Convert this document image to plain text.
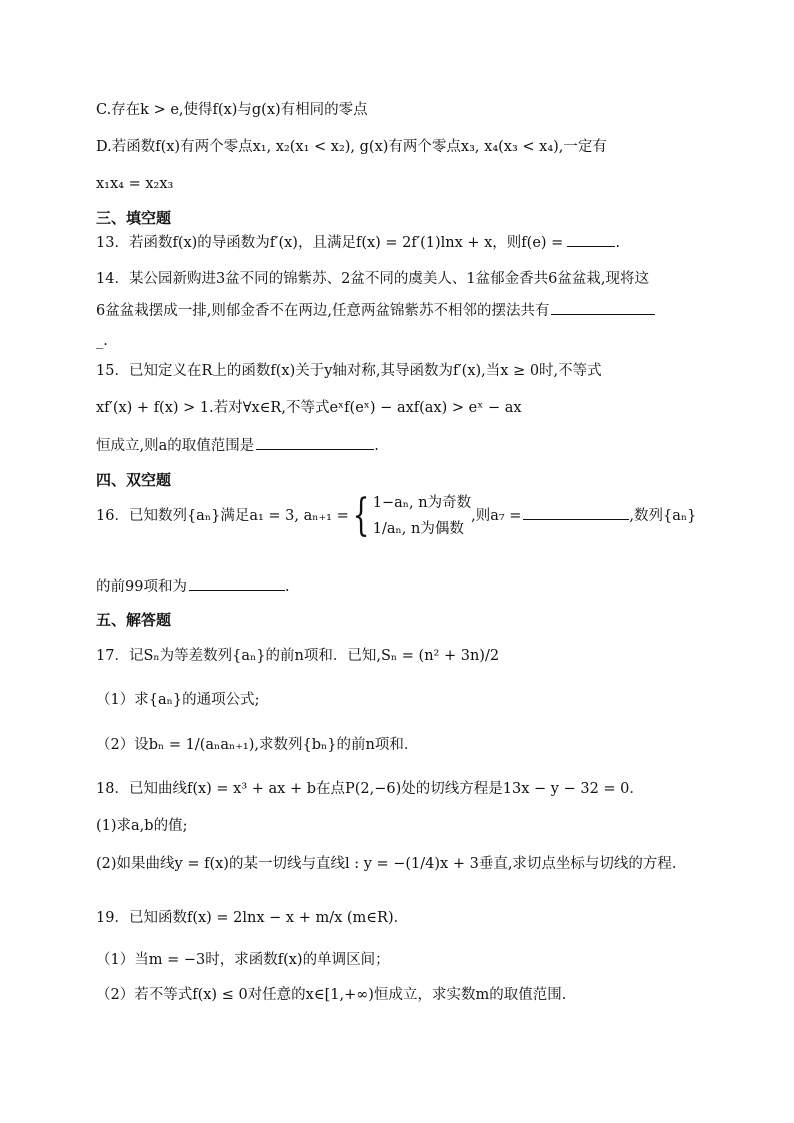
C.存在k > e,使得f(x)与g(x)有相同的零点
D.若函数f(x)有两个零点x₁, x₂(x₁ < x₂), g(x)有两个零点x₃, x₄(x₃ < x₄),一定有
x₁x₄ = x₂x₃
三、填空题
13．若函数f(x)的导函数为f′(x)，且满足f(x) = 2f′(1)lnx + x，则f(e) =	.
14．某公园新购进3盆不同的锦紫苏、2盆不同的虞美人、1盆郁金香共6盆盆栽,现将这
6盆盆栽摆成一排,则郁金香不在两边,任意两盆锦紫苏不相邻的摆法共有
_.
15．已知定义在R上的函数f(x)关于y轴对称,其导函数为f′(x),当x ≥ 0时,不等式
xf′(x) + f(x) > 1.若对∀x∈R,不等式eˣf(eˣ) − axf(ax) > eˣ − ax
恒成立,则a的取值范围是	.
四、双空题
16．已知数列{aₙ}满足a₁ = 3, aₙ₊₁ ={ 1−aₙ, n为奇数
1/aₙ, n为偶数
,则a₇ =	,数列{aₙ}
的前99项和为	.
五、解答题
17．记Sₙ为等差数列{aₙ}的前n项和．已知,Sₙ = (n² + 3n)/2
（1）求{aₙ}的通项公式;
（2）设bₙ = 1/(aₙaₙ₊₁),求数列{bₙ}的前n项和．
18．已知曲线f(x) = x³ + ax + b在点P(2,−6)处的切线方程是13x − y − 32 = 0．
(1)求a,b的值;
(2)如果曲线y = f(x)的某一切线与直线l : y = −(1/4)x + 3垂直,求切点坐标与切线的方程.
19．已知函数f(x) = 2lnx − x + m/x (m∈R)．
（1）当m = −3时，求函数f(x)的单调区间；
（2）若不等式f(x) ≤ 0对任意的x∈[1,+∞)恒成立，求实数m的取值范围.
